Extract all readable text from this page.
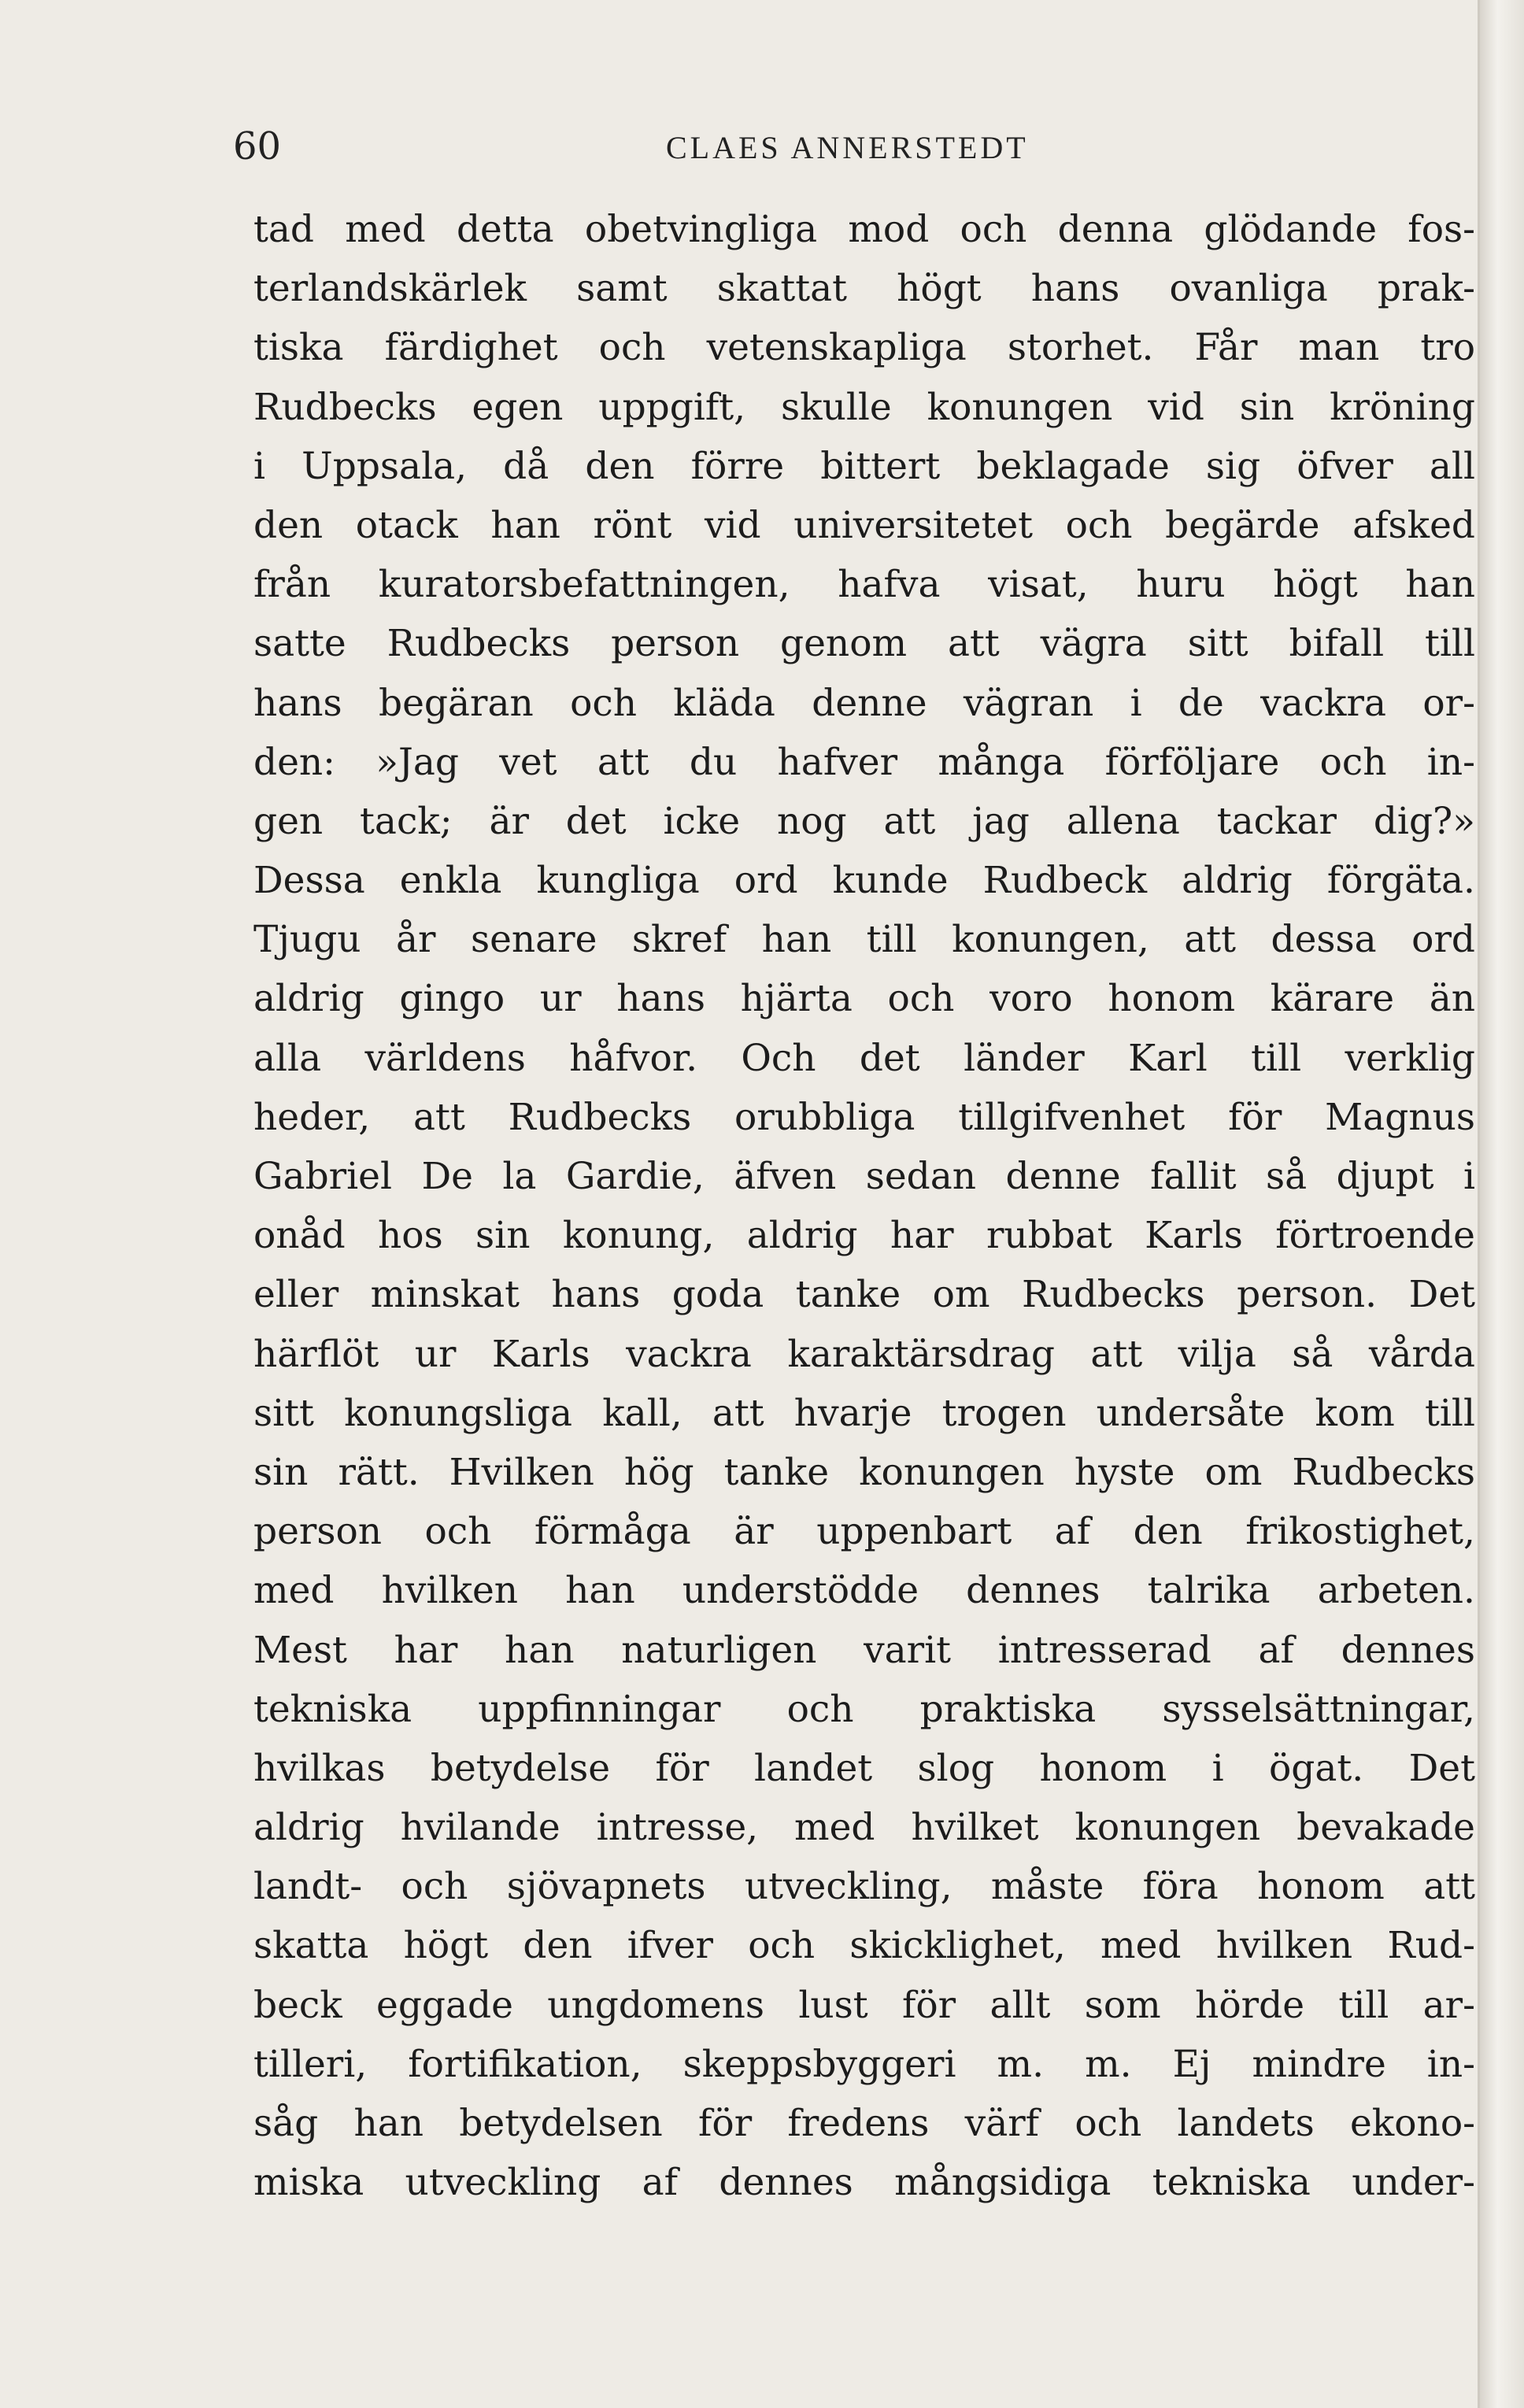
60	CLAES ANNERSTEDT
tad med detta obetvingliga mod och denna glödande fos-
terlandskärlek samt skattat högt hans ovanliga prak-
tiska färdighet och vetenskapliga storhet. Får man tro
Rudbecks egen uppgift, skulle konungen vid sin kröning
i Uppsala, då den förre bittert beklagade sig öfver all
den otack han rönt vid universitetet och begärde afsked
från kuratorsbefattningen, hafva visat, huru högt han
satte Rudbecks person genom att vägra sitt bifall till
hans begäran och kläda denne vägran i de vackra or-
den: »Jag vet att du hafver många förföljare och in-
gen tack; är det icke nog att jag allena tackar dig?»
Dessa enkla kungliga ord kunde Rudbeck aldrig förgäta.
Tjugu år senare skref han till konungen, att dessa ord
aldrig gingo ur hans hjärta och voro honom kärare än
alla världens håfvor. Och det länder Karl till verklig
heder, att Rudbecks orubbliga tillgifvenhet för Magnus
Gabriel De la Gardie, äfven sedan denne fallit så djupt i
onåd hos sin konung, aldrig har rubbat Karls förtroende
eller minskat hans goda tanke om Rudbecks person. Det
härflöt ur Karls vackra karaktärsdrag att vilja så vårda
sitt konungsliga kall, att hvarje trogen undersåte kom till
sin rätt. Hvilken hög tanke konungen hyste om Rudbecks
person och förmåga är uppenbart af den frikostighet,
med hvilken han understödde dennes talrika arbeten.
Mest har han naturligen varit intresserad af dennes
tekniska uppfinningar och praktiska sysselsättningar,
hvilkas betydelse för landet slog honom i ögat. Det
aldrig hvilande intresse, med hvilket konungen bevakade
landt- och sjövapnets utveckling, måste föra honom att
skatta högt den ifver och skicklighet, med hvilken Rud-
beck eggade ungdomens lust för allt som hörde till ar-
tilleri, fortifikation, skeppsbyggeri m. m. Ej mindre in-
såg han betydelsen för fredens värf och landets ekono-
miska utveckling af dennes mångsidiga tekniska under-
